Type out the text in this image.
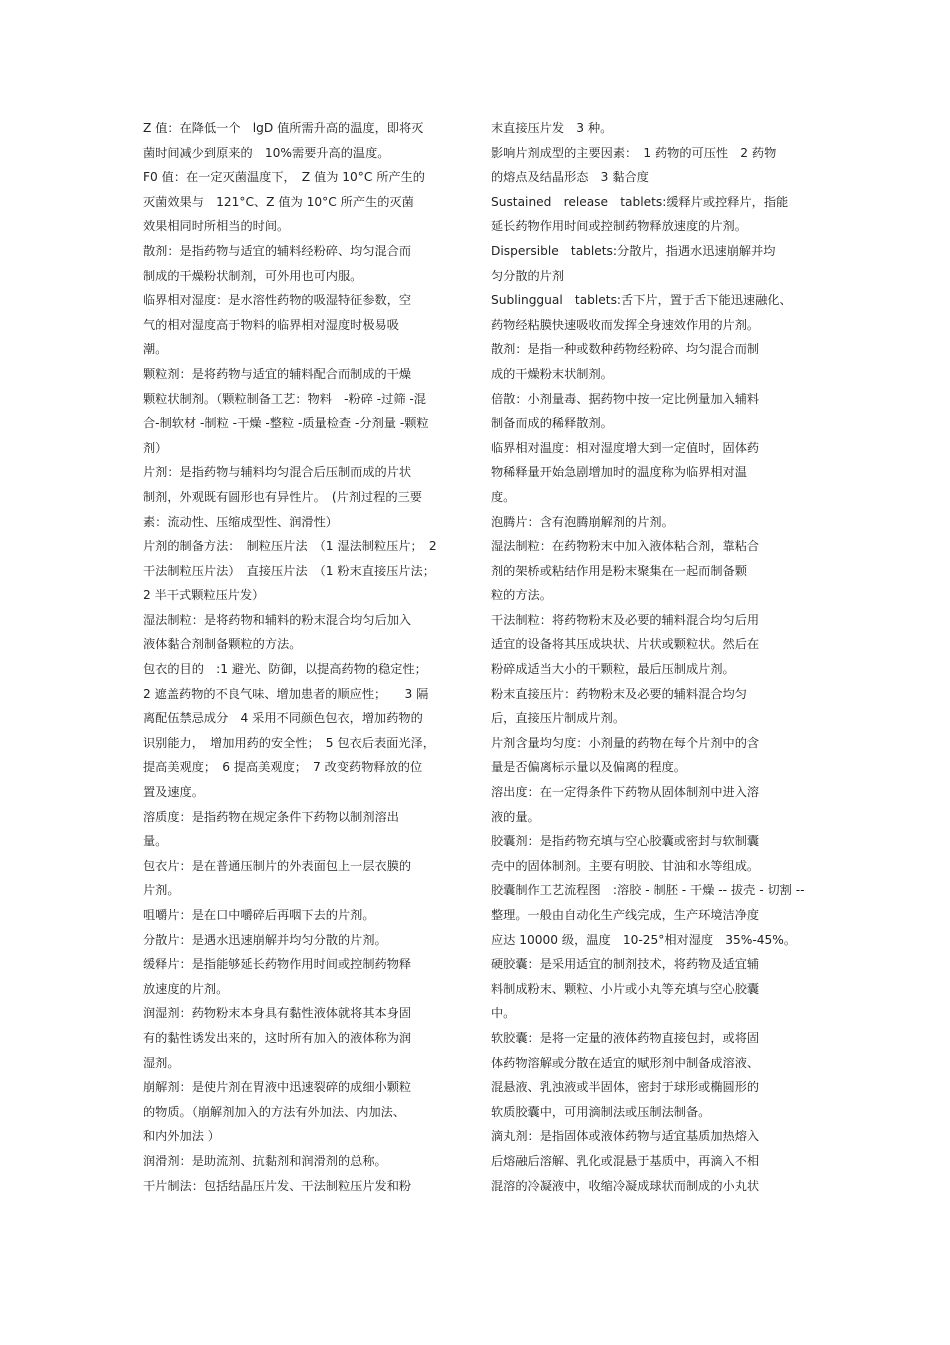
Z 值：在降低一个　lgD 值所需升高的温度，即将灭
菌时间减少到原来的　10%需要升高的温度。
F0 值：在一定灭菌温度下，　Z 值为 10°C 所产生的
灭菌效果与　121°C、Z 值为 10°C 所产生的灭菌
效果相同时所相当的时间。
散剂：是指药物与适宜的辅料经粉碎、均匀混合而
制成的干燥粉状制剂，可外用也可内服。
临界相对湿度：是水溶性药物的吸湿特征参数，空
气的相对湿度高于物料的临界相对湿度时极易吸
潮。
颗粒剂：是将药物与适宜的辅料配合而制成的干燥
颗粒状制剂。（颗粒制备工艺：物料　-粉碎 -过筛 -混
合-制软材 -制粒 -干燥 -整粒 -质量检查 -分剂量 -颗粒
剂）
片剂：是指药物与辅料均匀混合后压制而成的片状
制剂，外观既有圆形也有异性片。　(片剂过程的三要
素：流动性、压缩成型性、润滑性）
片剂的制备方法：　制粒压片法　（1 湿法制粒压片；　2
干法制粒压片法）　直接压片法　（1 粉末直接压片法；
2 半干式颗粒压片发）
湿法制粒：是将药物和辅料的粉末混合均匀后加入
液体黏合剂制备颗粒的方法。
包衣的目的　:1 避光、防御，以提高药物的稳定性；
2 遮盖药物的不良气味、增加患者的顺应性；　　3 隔
离配伍禁忌成分　4 采用不同颜色包衣，增加药物的
识别能力，　增加用药的安全性；　5 包衣后表面光泽，
提高美观度；　6 提高美观度；　7 改变药物释放的位
置及速度。
溶质度：是指药物在规定条件下药物以制剂溶出
量。
包衣片：是在普通压制片的外表面包上一层衣膜的
片剂。
咀嚼片：是在口中嚼碎后再咽下去的片剂。
分散片：是遇水迅速崩解并均匀分散的片剂。
缓释片：是指能够延长药物作用时间或控制药物释
放速度的片剂。
润湿剂：药物粉末本身具有黏性液体就将其本身固
有的黏性诱发出来的，这时所有加入的液体称为润
湿剂。
崩解剂：是使片剂在胃液中迅速裂碎的成细小颗粒
的物质。（崩解剂加入的方法有外加法、内加法、
和内外加法 ）
润滑剂：是助流剂、抗黏剂和润滑剂的总称。
干片制法：包括结晶压片发、干法制粒压片发和粉
末直接压片发　3 种。
影响片剂成型的主要因素：　1 药物的可压性　2 药物
的熔点及结晶形态　3 黏合度
Sustained　release　tablets:缓释片或控释片，指能
延长药物作用时间或控制药物释放速度的片剂。
Dispersible　tablets:分散片，指遇水迅速崩解并均
匀分散的片剂
Sublinggual　tablets:舌下片，置于舌下能迅速融化、
药物经粘膜快速吸收而发挥全身速效作用的片剂。
散剂：是指一种或数种药物经粉碎、均匀混合而制
成的干燥粉末状制剂。
倍散：小剂量毒、据药物中按一定比例量加入辅料
制备而成的稀释散剂。
临界相对温度：相对湿度增大到一定值时，固体药
物稀释量开始急剧增加时的温度称为临界相对温
度。
泡腾片：含有泡腾崩解剂的片剂。
湿法制粒：在药物粉末中加入液体粘合剂，靠粘合
剂的架桥或粘结作用是粉末聚集在一起而制备颗
粒的方法。
干法制粒：将药物粉末及必要的辅料混合均匀后用
适宜的设备将其压成块状、片状或颗粒状。然后在
粉碎成适当大小的干颗粒，最后压制成片剂。
粉末直接压片：药物粉末及必要的辅料混合均匀
后，直接压片制成片剂。
片剂含量均匀度：小剂量的药物在每个片剂中的含
量是否偏离标示量以及偏离的程度。
溶出度：在一定得条件下药物从固体制剂中进入溶
液的量。
胶囊剂：是指药物充填与空心胶囊或密封与软制囊
壳中的固体制剂。主要有明胶、甘油和水等组成。
胶囊制作工艺流程图　:溶胶 - 制胚 - 干燥 -- 拔壳 - 切割 --
整理。一般由自动化生产线完成，生产环境洁净度
应达 10000 级，温度　10-25°相对湿度　35%-45%。
硬胶囊：是采用适宜的制剂技术，将药物及适宜辅
料制成粉末、颗粒、小片或小丸等充填与空心胶囊
中。
软胶囊：是将一定量的液体药物直接包封，或将固
体药物溶解或分散在适宜的赋形剂中制备成溶液、
混悬液、乳浊液或半固体，密封于球形或椭圆形的
软质胶囊中，可用滴制法或压制法制备。
滴丸剂：是指固体或液体药物与适宜基质加热熔入
后熔融后溶解、乳化或混悬于基质中，再滴入不相
混溶的冷凝液中，收缩冷凝成球状而制成的小丸状
